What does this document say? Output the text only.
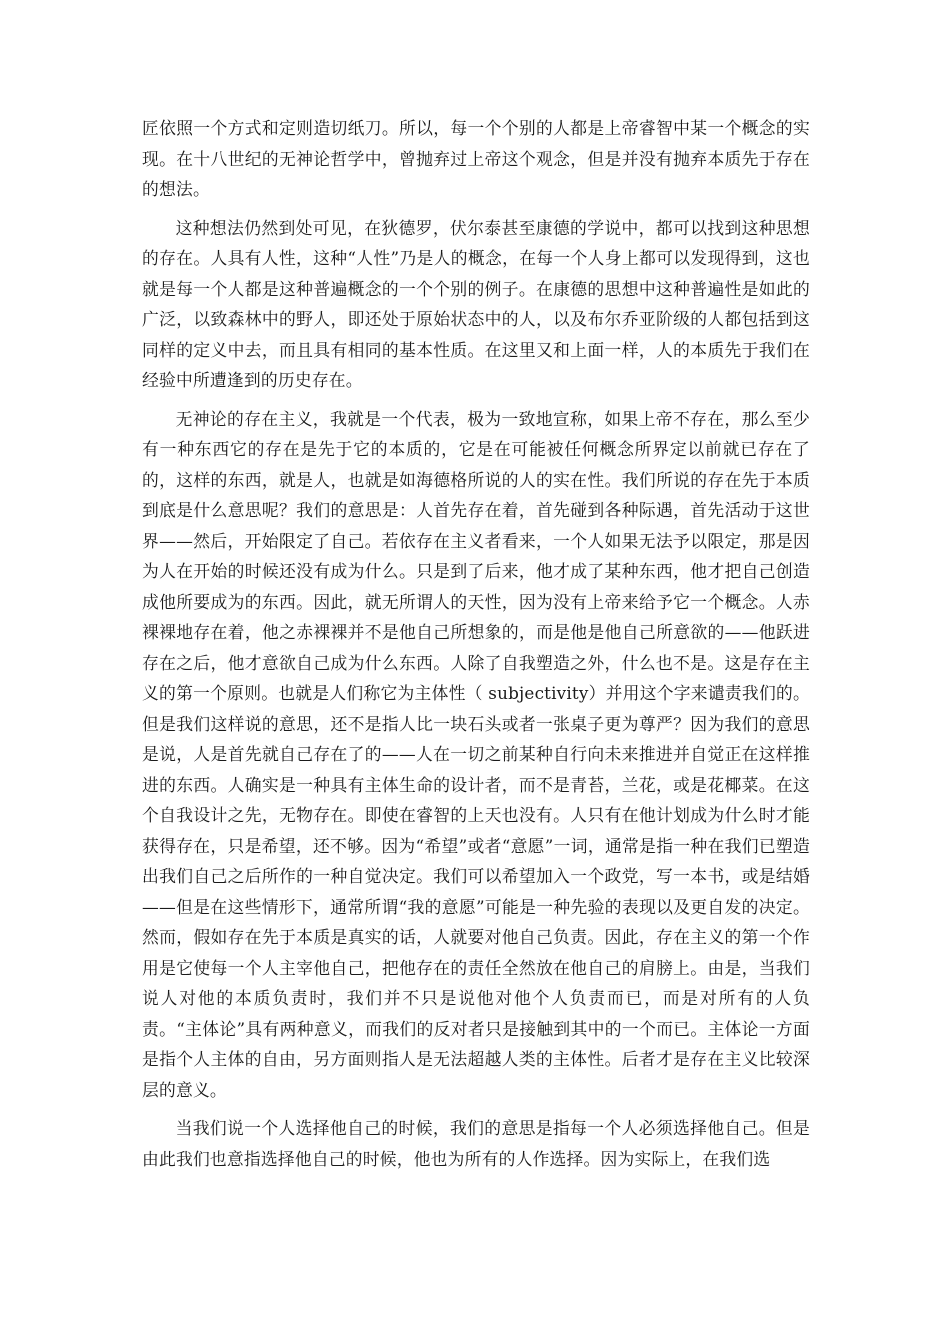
匠依照一个方式和定则造切纸刀。所以，每一个个别的人都是上帝睿智中某一个概念的实现。在十八世纪的无神论哲学中，曾抛弃过上帝这个观念，但是并没有抛弃本质先于存在的想法。

这种想法仍然到处可见，在狄德罗，伏尔泰甚至康德的学说中，都可以找到这种思想的存在。人具有人性，这种“人性”乃是人的概念，在每一个人身上都可以发现得到，这也就是每一个人都是这种普遍概念的一个个别的例子。在康德的思想中这种普遍性是如此的广泛，以致森林中的野人，即还处于原始状态中的人，以及布尔乔亚阶级的人都包括到这同样的定义中去，而且具有相同的基本性质。在这里又和上面一样，人的本质先于我们在经验中所遭逢到的历史存在。

无神论的存在主义，我就是一个代表，极为一致地宣称，如果上帝不存在，那么至少有一种东西它的存在是先于它的本质的，它是在可能被任何概念所界定以前就已存在了的，这样的东西，就是人，也就是如海德格所说的人的实在性。我们所说的存在先于本质到底是什么意思呢？我们的意思是：人首先存在着，首先碰到各种际遇，首先活动于这世界——然后，开始限定了自己。若依存在主义者看来，一个人如果无法予以限定，那是因为人在开始的时候还没有成为什么。只是到了后来，他才成了某种东西，他才把自己创造成他所要成为的东西。因此，就无所谓人的天性，因为没有上帝来给予它一个概念。人赤裸裸地存在着，他之赤裸裸并不是他自己所想象的，而是他是他自己所意欲的——他跃进存在之后，他才意欲自己成为什么东西。人除了自我塑造之外，什么也不是。这是存在主义的第一个原则。也就是人们称它为主体性（ subjectivity）并用这个字来谴责我们的。但是我们这样说的意思，还不是指人比一块石头或者一张桌子更为尊严？因为我们的意思是说，人是首先就自己存在了的——人在一切之前某种自行向未来推进并自觉正在这样推进的东西。人确实是一种具有主体生命的设计者，而不是青苔，兰花，或是花椰菜。在这个自我设计之先，无物存在。即使在睿智的上天也没有。人只有在他计划成为什么时才能获得存在，只是希望，还不够。因为“希望”或者“意愿”一词，通常是指一种在我们已塑造出我们自己之后所作的一种自觉决定。我们可以希望加入一个政党，写一本书，或是结婚——但是在这些情形下，通常所谓“我的意愿”可能是一种先验的表现以及更自发的决定。然而，假如存在先于本质是真实的话，人就要对他自己负责。因此，存在主义的第一个作用是它使每一个人主宰他自己，把他存在的责任全然放在他自己的肩膀上。由是，当我们说人对他的本质负责时，我们并不只是说他对他个人负责而已，而是对所有的人负责。“主体论”具有两种意义，而我们的反对者只是接触到其中的一个而已。主体论一方面是指个人主体的自由，另方面则指人是无法超越人类的主体性。后者才是存在主义比较深层的意义。

当我们说一个人选择他自己的时候，我们的意思是指每一个人必须选择他自己。但是由此我们也意指选择他自己的时候，他也为所有的人作选择。因为实际上，在我们选
